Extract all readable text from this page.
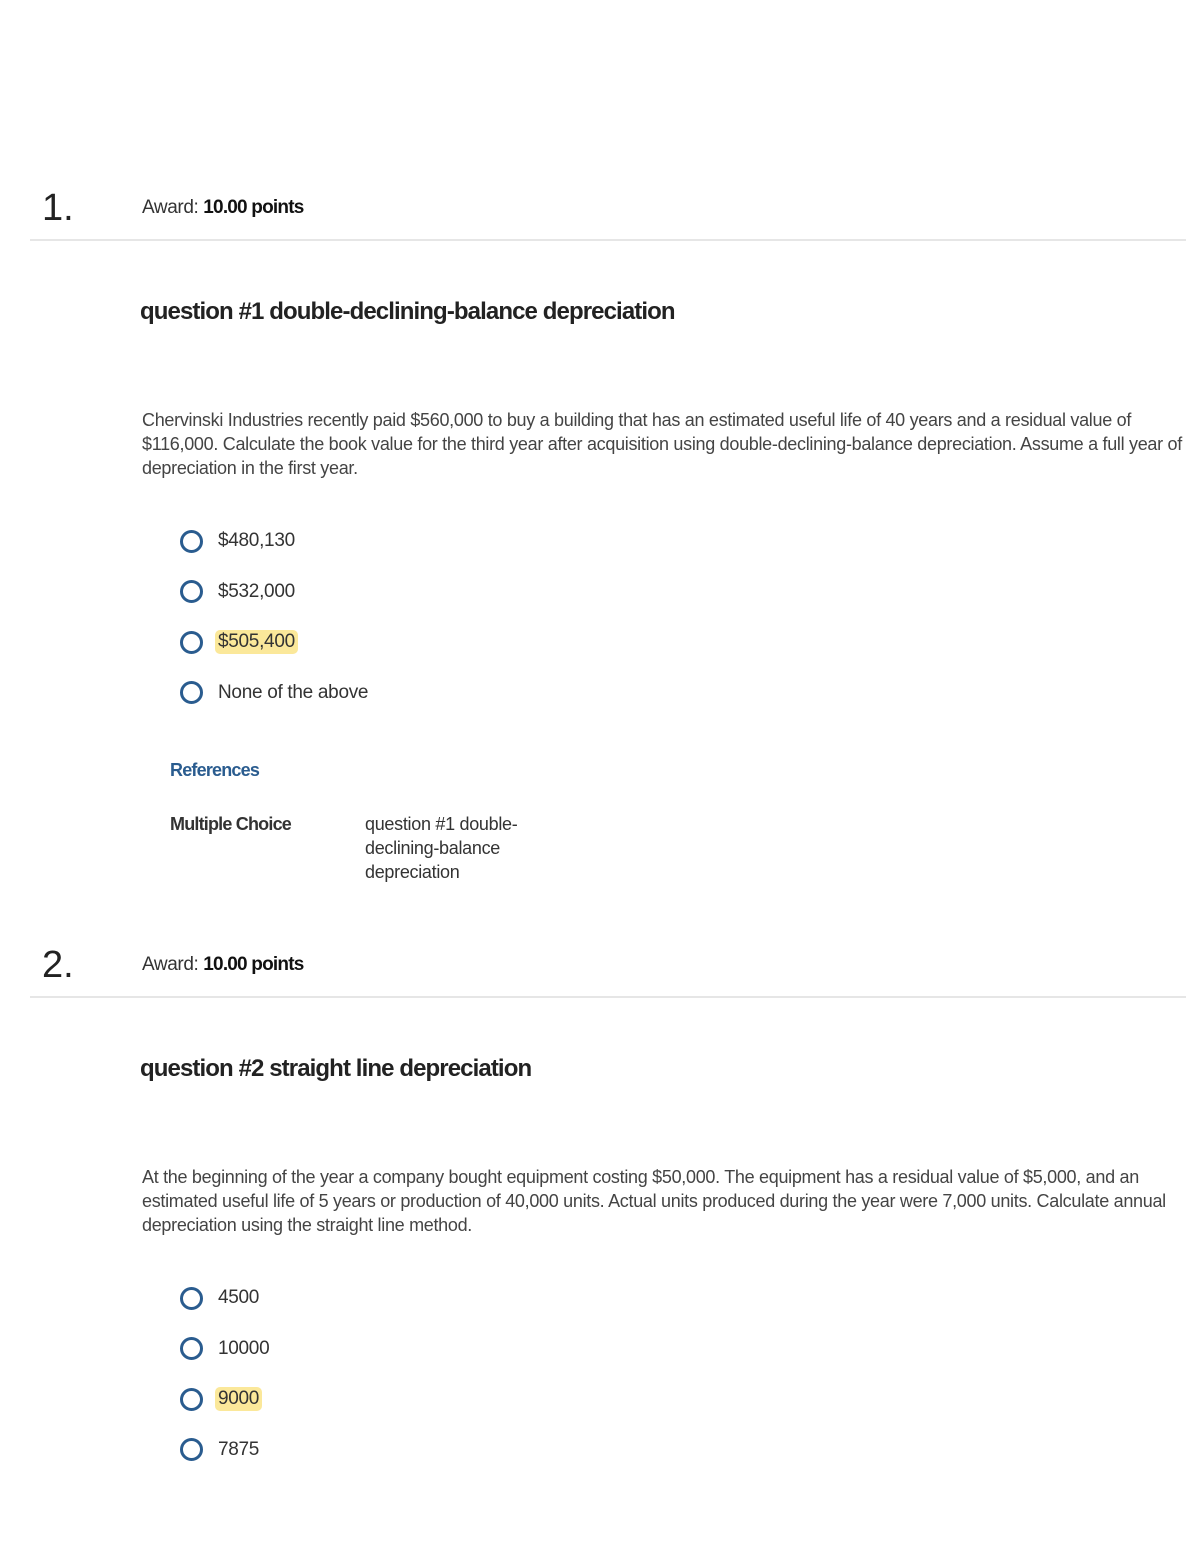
1.	Award: 10.00 points
question #1 double-declining-balance depreciation

Chervinski Industries recently paid $560,000 to buy a building that has an estimated useful life of 40 years and a residual value of $116,000. Calculate the book value for the third year after acquisition using double-declining-balance depreciation. Assume a full year of depreciation in the first year.

$480,130
$532,000
$505,400
None of the above
References
Multiple Choice	question #1 double-declining-balance depreciation
2.	Award: 10.00 points
question #2 straight line depreciation

At the beginning of the year a company bought equipment costing $50,000. The equipment has a residual value of $5,000, and an estimated useful life of 5 years or production of 40,000 units. Actual units produced during the year were 7,000 units. Calculate annual depreciation using the straight line method.

4500
10000
9000
7875
